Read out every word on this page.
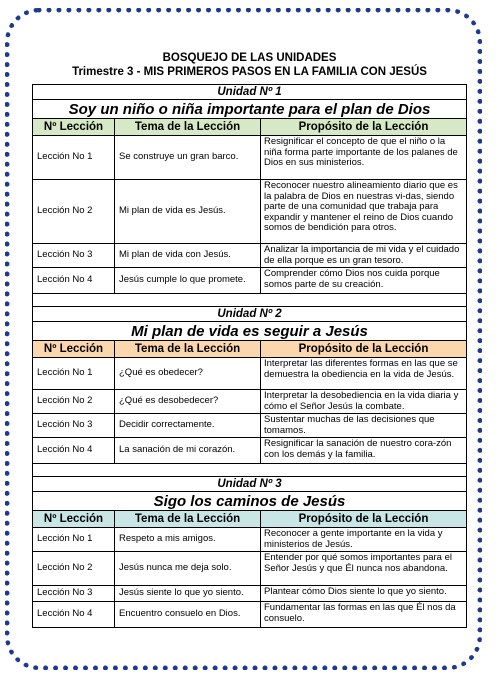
BOSQUEJO DE LAS UNIDADES
Trimestre 3 - MIS PRIMEROS PASOS EN LA FAMILIA CON JESÚS
Unidad Nº 1		
Soy un niño o niña importante para el plan de Dios		
Nº Lección	Tema de la Lección	Propósito de la Lección
Lección No 1	Se construye un gran barco.	Resignificar el concepto de que el niño o la niña forma parte importante de los palanes de Dios en sus ministerios.
Lección No 2	Mi plan de vida es Jesús.	Reconocer nuestro alineamiento diario que es la palabra de Dios en nuestras vi-das, siendo parte de una comunidad que trabaja para expandir y mantener el reino de Dios cuando somos de bendición para otros.
Lección No 3	Mi plan de vida con Jesús.	Analizar la importancia de mi vida y el cuidado de ella porque es un gran tesoro.
Lección No 4	Jesús cumple lo que promete.	Comprender cómo Dios nos cuida porque somos parte de su creación.

Unidad Nº 2		
Mi plan de vida es seguir a Jesús		
Nº Lección	Tema de la Lección	Propósito de la Lección
Lección No 1	¿Qué es obedecer?	Interpretar las diferentes formas en las que se demuestra la obediencia en la vida de Jesús.
Lección No 2	¿Qué es desobedecer?	Interpretar la desobediencia en la vida diaria y cómo el Señor Jesús la combate.
Lección No 3	Decidir correctamente.	Sustentar muchas de las decisiones que tomamos.
Lección No 4	La sanación de mi corazón.	Resignificar la sanación de nuestro cora-zón con los demás y la familia.

Unidad Nº 3		
Sigo los caminos de Jesús		
Nº Lección	Tema de la Lección	Propósito de la Lección
Lección No 1	Respeto a mis amigos.	Reconocer a gente importante en la vida y ministerios de Jesús.
Lección No 2	Jesús nunca me deja solo.	Entender por qué somos importantes para el Señor Jesús y que Él nunca nos abandona.
Lección No 3	Jesús siente lo que yo siento.	Plantear cómo Dios siente lo que yo siento.
Lección No 4	Encuentro consuelo en Dios.	Fundamentar las formas en las que Él nos da consuelo.
